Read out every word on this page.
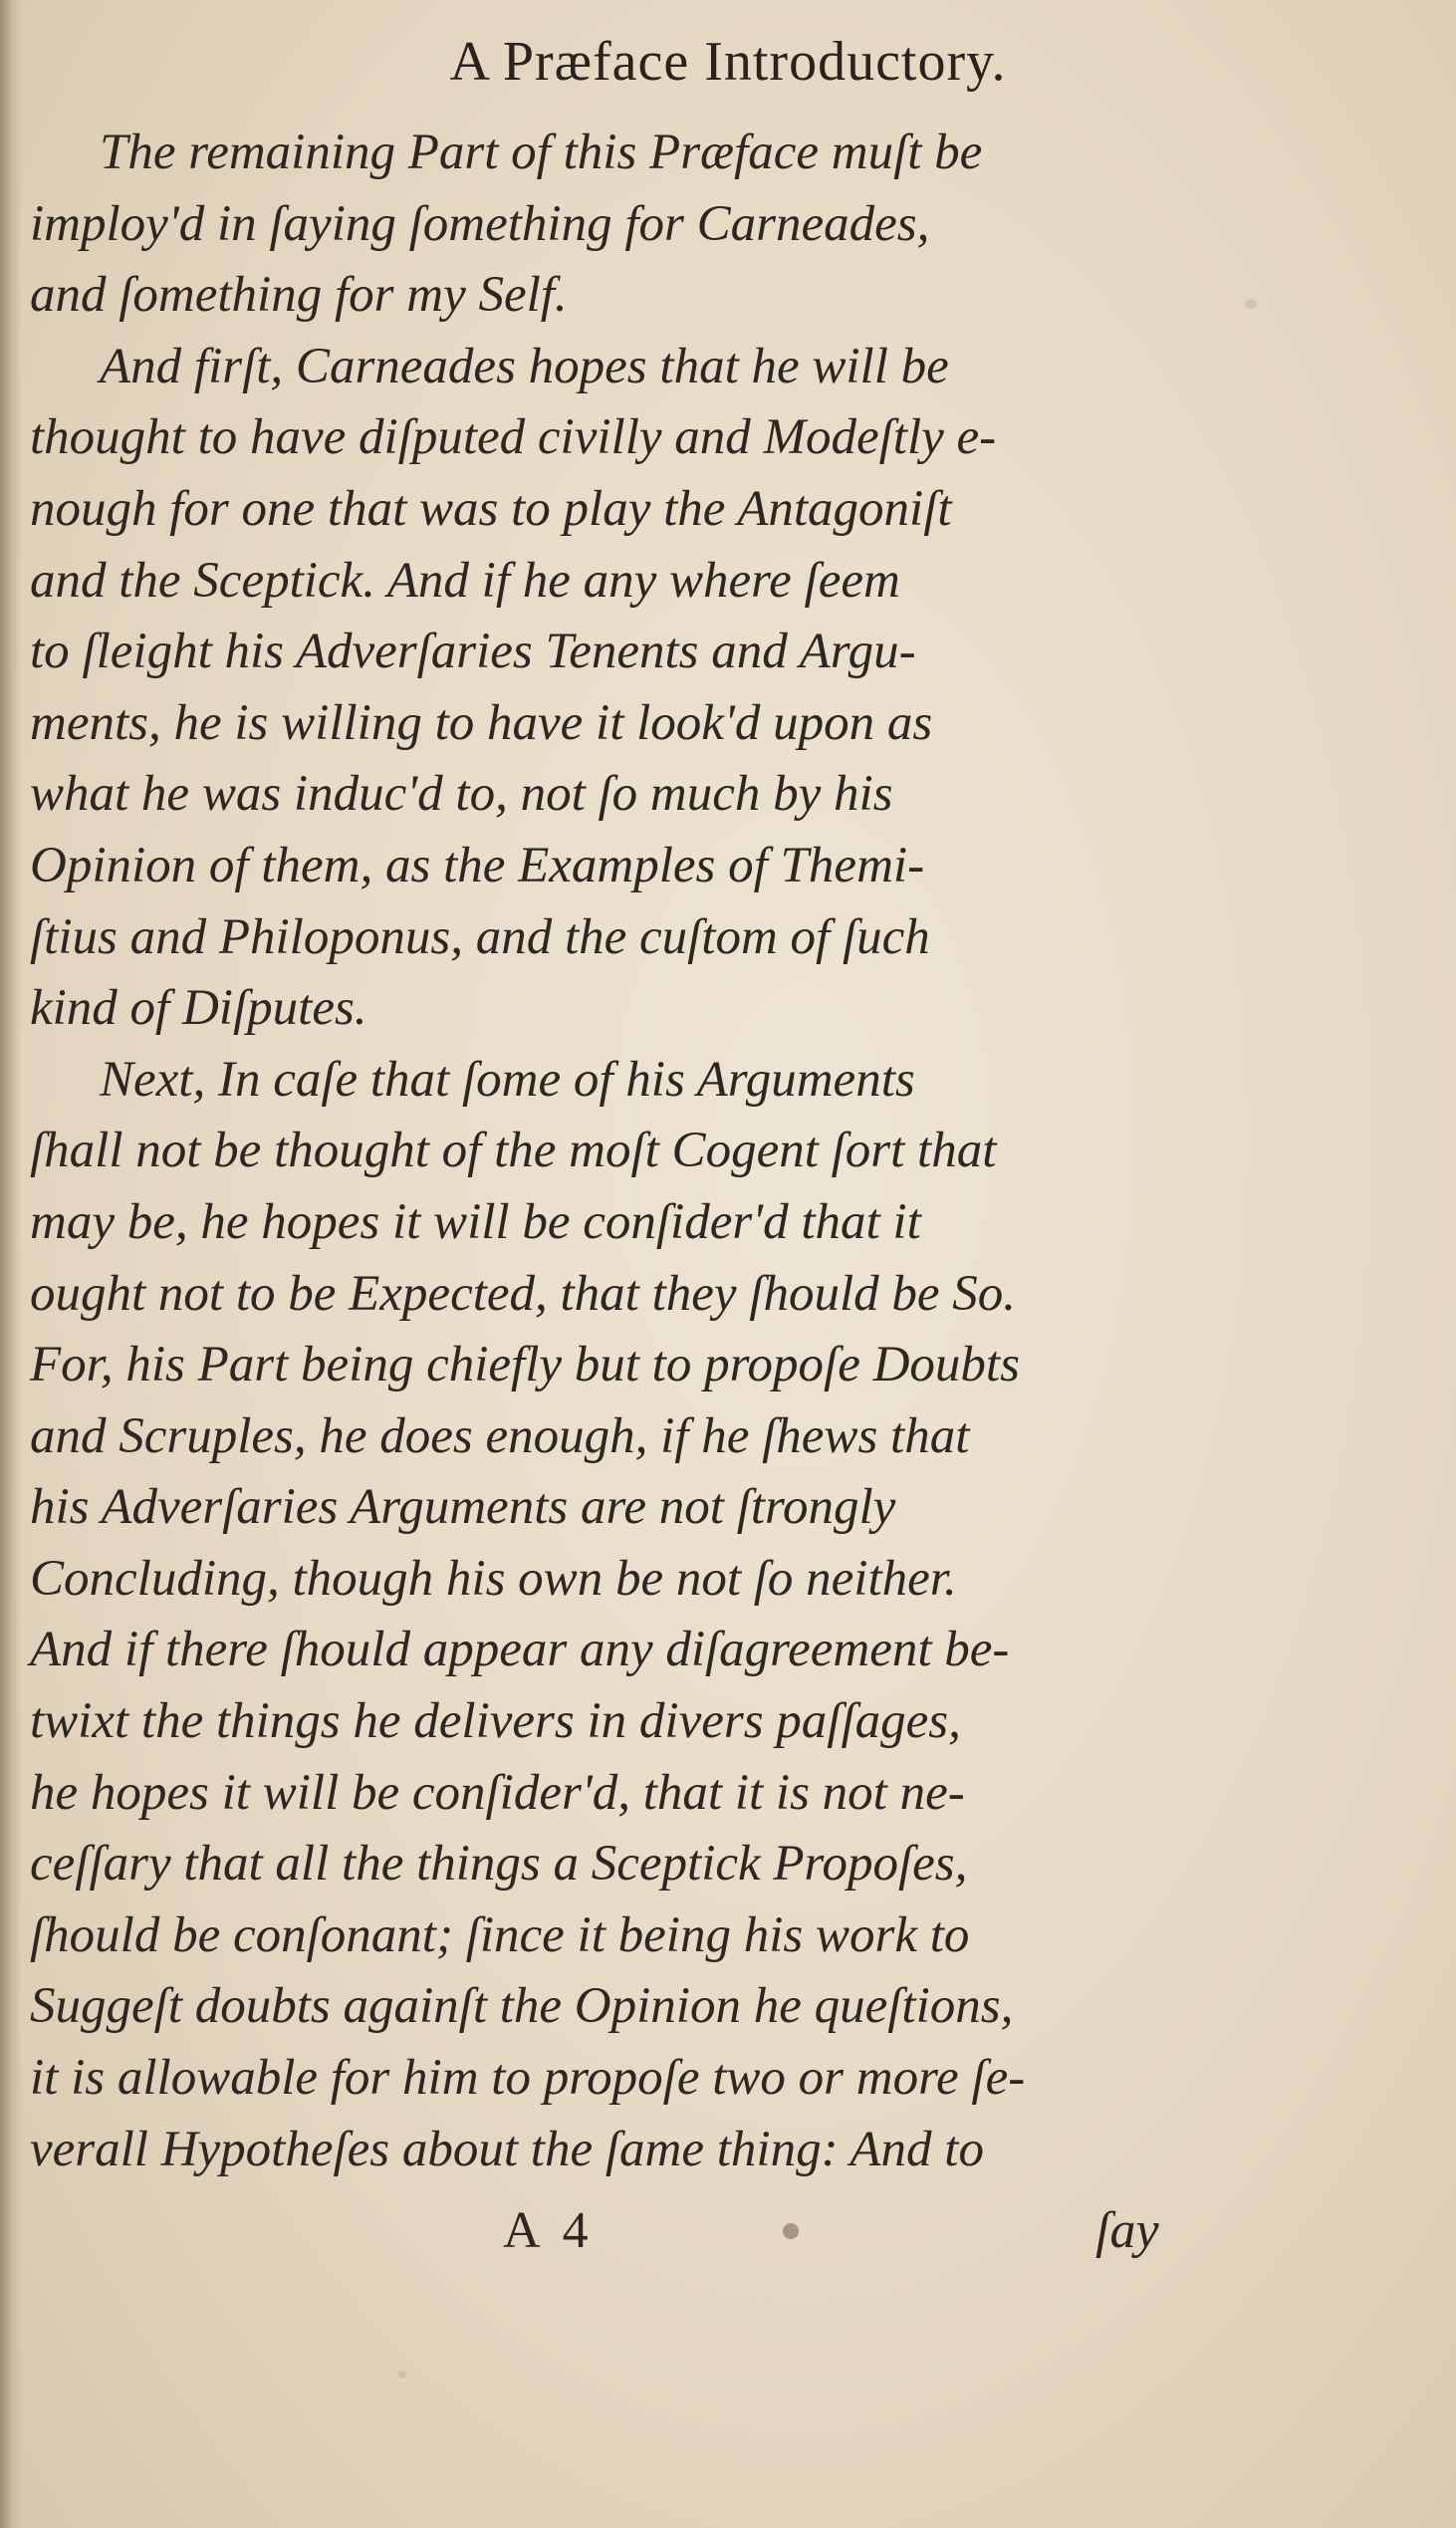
A Præface Introductory.
The remaining Part of this Præface muſt be
imploy'd in ſaying ſomething for Carneades,
and ſomething for my Self.
And firſt, Carneades hopes that he will be
thought to have diſputed civilly and Modeſtly e-
nough for one that was to play the Antagoniſt
and the Sceptick. And if he any where ſeem
to ſleight his Adverſaries Tenents and Argu-
ments, he is willing to have it look'd upon as
what he was induc'd to, not ſo much by his
Opinion of them, as the Examples of Themi-
ſtius and Philoponus, and the cuſtom of ſuch
kind of Diſputes.
Next, In caſe that ſome of his Arguments
ſhall not be thought of the moſt Cogent ſort that
may be, he hopes it will be conſider'd that it
ought not to be Expected, that they ſhould be So.
For, his Part being chiefly but to propoſe Doubts
and Scruples, he does enough, if he ſhews that
his Adverſaries Arguments are not ſtrongly
Concluding, though his own be not ſo neither.
And if there ſhould appear any diſagreement be-
twixt the things he delivers in divers paſſages,
he hopes it will be conſider'd, that it is not ne-
ceſſary that all the things a Sceptick Propoſes,
ſhould be conſonant; ſince it being his work to
Suggeſt doubts againſt the Opinion he queſtions,
it is allowable for him to propoſe two or more ſe-
verall Hypotheſes about the ſame thing: And to
A 4	ſay
